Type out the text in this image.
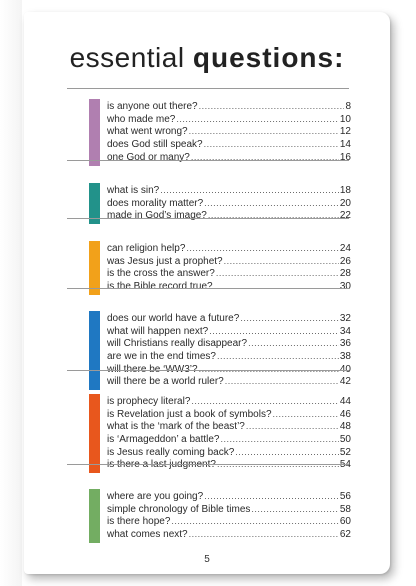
essential questions:
is anyone out there? .....	8
who made me? .....	10
what went wrong? .....	12
does God still speak? .....	14
one God or many? .....	16
what is sin? .....	18
does morality matter? .....	20
made in God’s image? .....	22
can religion help? .....	24
was Jesus just a prophet? .....	26
is the cross the answer? .....	28
is the Bible record true? .....	30
does our world have a future? .....	32
what will happen next? .....	34
will Christians really disappear? .....	36
are we in the end times? .....	38
will there be ‘WW3’? .....	40
will there be a world ruler? .....	42
is prophecy literal? .....	44
is Revelation just a book of symbols? .....	46
what is the ‘mark of the beast’? .....	48
is ‘Armageddon’ a battle? .....	50
is Jesus really coming back? .....	52
is there a last judgment? .....	54
where are you going? .....	56
simple chronology of Bible times .....	58
is there hope? .....	60
what comes next? .....	62
5
